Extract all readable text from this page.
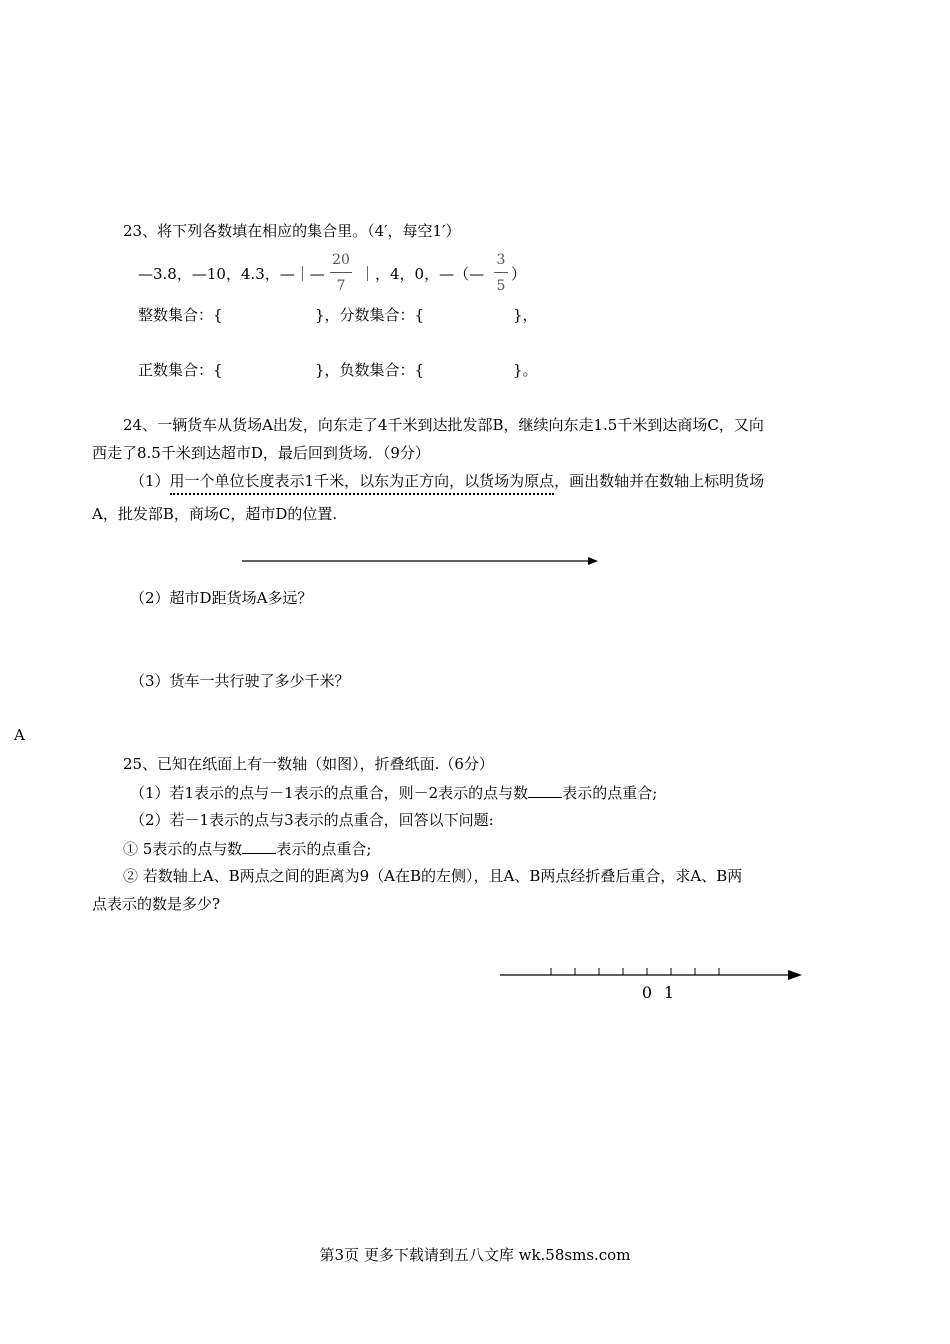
23、将下列各数填在相应的集合里。（4′，每空1′）
—3.8，—10，4.3，—｜—
20
7
｜，4，0，—（—
3
5
）
整数集合：{	}，分数集合：{	}，
正数集合：{	}，负数集合：{	}。
24、一辆货车从货场A出发，向东走了4千米到达批发部B，继续向东走1.5千米到达商场C，又向
西走了8.5千米到达超市D，最后回到货场．（9分）
（1）用一个单位长度表示1千米，以东为正方向，以货场为原点，画出数轴并在数轴上标明货场
A，批发部B，商场C，超市D的位置.
（2）超市D距货场A多远？
（3）货车一共行驶了多少千米？
A
25、已知在纸面上有一数轴（如图），折叠纸面.（6分）
（1）若1表示的点与－1表示的点重合，则－2表示的点与数 表示的点重合;
（2）若－1表示的点与3表示的点重合，回答以下问题:
① 5表示的点与数 表示的点重合;
② 若数轴上A、B两点之间的距离为9（A在B的左侧），且A、B两点经折叠后重合，求A、B两
点表示的数是多少?
0 1
第3页 更多下载请到五八文库 wk.58sms.com
